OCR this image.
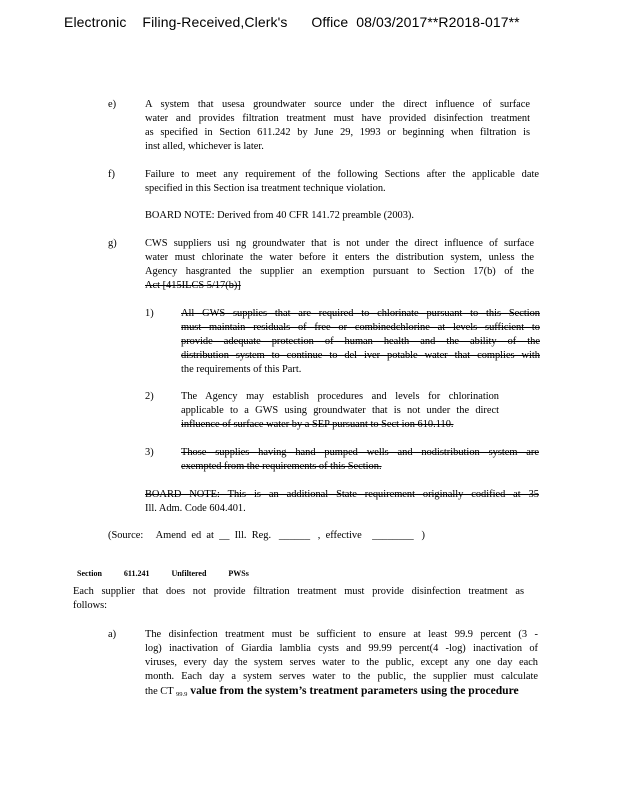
Electronic    Filing-Received,Clerk's      Office  08/03/2017**R2018-017**
e)	A system that usesa groundwater source under the direct influence of surface
water and provides filtration treatment must have provided disinfection treatment
as specified in Section 611.242 by June 29, 1993 or beginning when filtration is
inst alled, whichever is later.
f)	Failure to meet any requirement of the following Sections after the applicable date
specified in this Section isa treatment technique violation.
BOARD NOTE: Derived from 40 CFR 141.72 preamble (2003).
g)	CWS suppliers usi ng groundwater that is not under the direct influence of surface
water must chlorinate the water before it enters the distribution system, unless the
Agency hasgranted the supplier an exemption pursuant to Section 17(b) of the
Act [415ILCS 5/17(b)]
1)	All GWS supplies that are required to chlorinate pursuant to this Section
must maintain residuals of free or combinedchlorine at levels sufficient to
provide adequate protection of human health and the ability of the
distribution system to continue to del iver potable water that complies with
the requirements of this Part.
2)	The Agency may establish procedures and levels for chlorination
applicable to a GWS using groundwater that is not under the direct
influence of surface water by a SEP pursuant to Sect ion 610.110.
3)	Those supplies having hand pumped wells and nodistribution system are
exempted from the requirements of this Section.
BOARD NOTE: This is an additional State requirement originally codified at 35
Ill. Adm. Code 604.401.
(Source:     Amend  ed  at  __  Ill.  Reg.   ______   ,  effective    ________   )

Section	611.241	Unfiltered	PWSs

Each supplier that does not provide filtration treatment must provide disinfection treatment as
follows:
a)	The disinfection treatment must be sufficient to ensure at least 99.9 percent (3 -
log) inactivation of Giardia lamblia cysts and 99.99 percent(4 -log) inactivation of
viruses, every day the system serves water to the public, except any one day each
month. Each day a system serves water to the public, the supplier must calculate
the CT $_{99.9}$ value from the system’s treatment parameters using the procedure
